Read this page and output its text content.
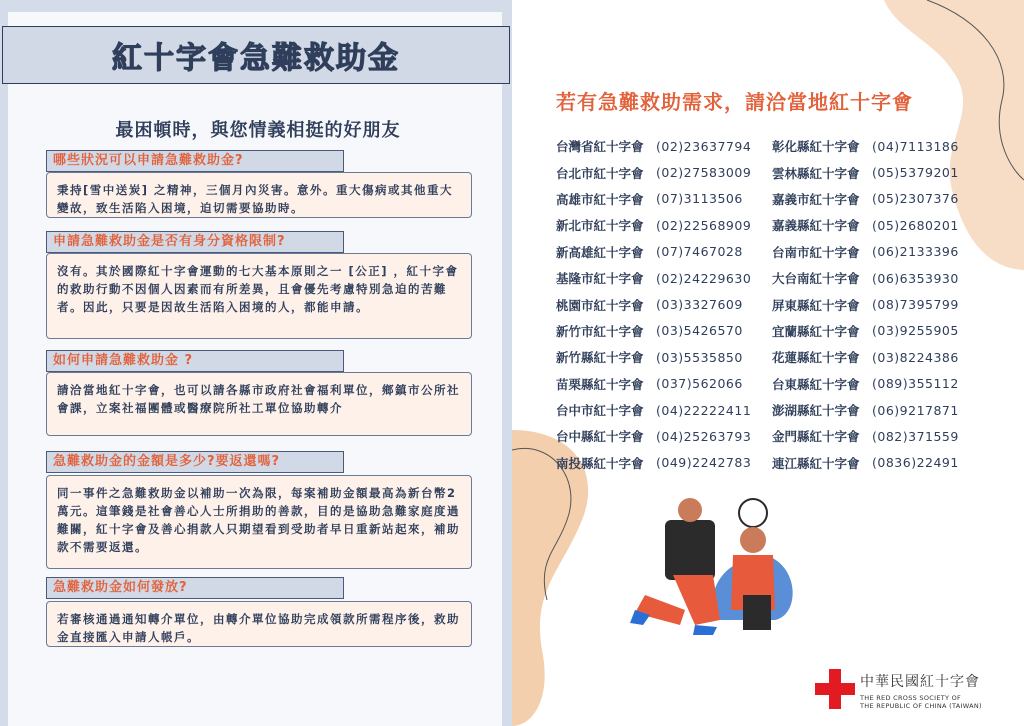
紅十字會急難救助金
最困頓時，與您情義相挺的好朋友
哪些狀況可以申請急難救助金?
秉持[雪中送炭] 之精神，三個月內災害。意外。重大傷病或其他重大變故，致生活陷入困境，迫切需要協助時。
申請急難救助金是否有身分資格限制?
沒有。其於國際紅十字會運動的七大基本原則之一 [公正] ，紅十字會的救助行動不因個人因素而有所差異，且會優先考慮特別急迫的苦難者。因此，只要是因故生活陷入困境的人，都能申請。
如何申請急難救助金 ?
請洽當地紅十字會，也可以請各縣市政府社會福利單位，鄉鎮市公所社會課，立案社福團體或醫療院所社工單位協助轉介
急難救助金的金額是多少?要返還嗎?
同一事件之急難救助金以補助一次為限，每案補助金額最高為新台幣2萬元。這筆錢是社會善心人士所捐助的善款，目的是協助急難家庭度過難關，紅十字會及善心捐款人只期望看到受助者早日重新站起來，補助款不需要返還。
急難救助金如何發放?
若審核通過通知轉介單位，由轉介單位協助完成領款所需程序後，救助金直接匯入申請人帳戶。
若有急難救助需求，請洽當地紅十字會
台灣省紅十字會 (02)23637794
台北市紅十字會 (02)27583009
高雄市紅十字會 (07)3113506
新北市紅十字會 (02)22568909
新高雄紅十字會 (07)7467028
基隆市紅十字會 (02)24229630
桃園市紅十字會 (03)3327609
新竹市紅十字會 (03)5426570
新竹縣紅十字會 (03)5535850
苗栗縣紅十字會 (037)562066
台中市紅十字會 (04)22222411
台中縣紅十字會 (04)25263793
南投縣紅十字會 (049)2242783
彰化縣紅十字會 (04)7113186
雲林縣紅十字會 (05)5379201
嘉義市紅十字會 (05)2307376
嘉義縣紅十字會 (05)2680201
台南市紅十字會 (06)2133396
大台南紅十字會 (06)6353930
屏東縣紅十字會 (08)7395799
宜蘭縣紅十字會 (03)9255905
花蓮縣紅十字會 (03)8224386
台東縣紅十字會 (089)355112
澎湖縣紅十字會 (06)9217871
金門縣紅十字會 (082)371559
連江縣紅十字會 (0836)22491
中華民國紅十字會
THE RED CROSS SOCIETY OF
THE REPUBLIC OF CHINA (TAIWAN)
